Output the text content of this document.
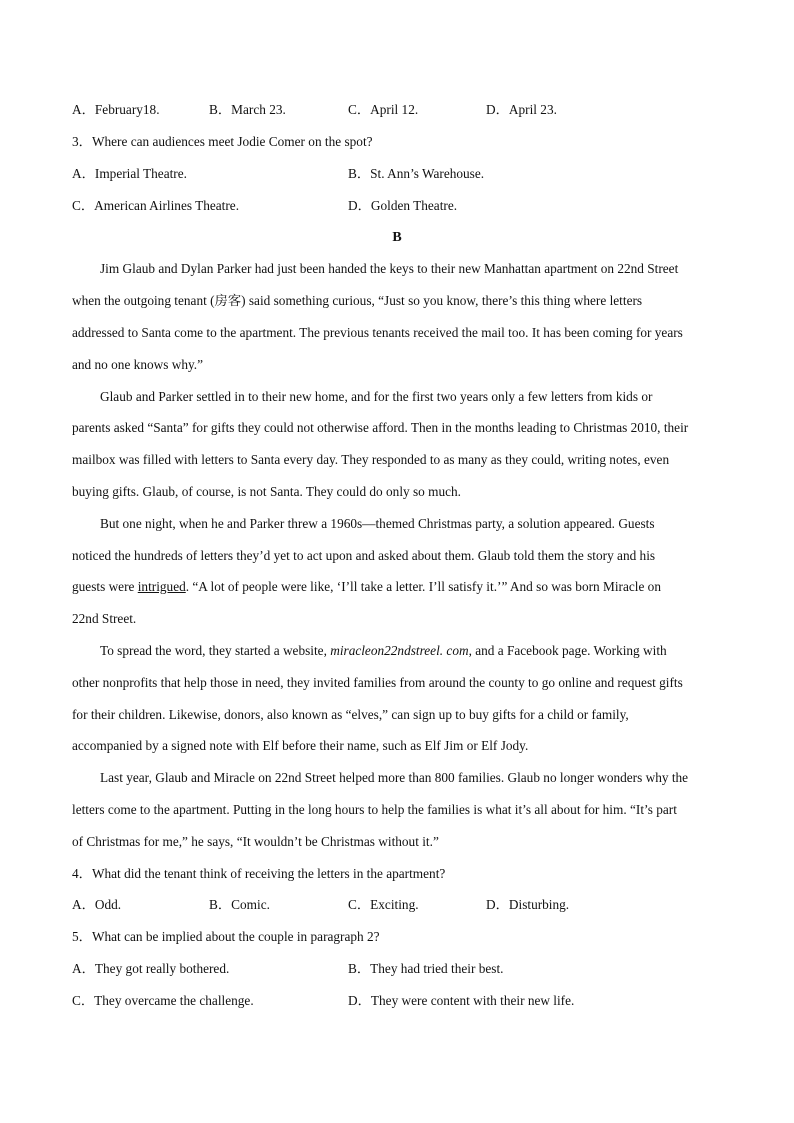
A．February18.	B．March 23.	C．April 12.	D．April 23.
3．Where can audiences meet Jodie Comer on the spot?
A．Imperial Theatre.	B．St. Ann’s Warehouse.
C．American Airlines Theatre.	D．Golden Theatre.
B
Jim Glaub and Dylan Parker had just been handed the keys to their new Manhattan apartment on 22nd Street
when the outgoing tenant (房客) said something curious, “Just so you know, there’s this thing where letters
addressed to Santa come to the apartment. The previous tenants received the mail too. It has been coming for years
and no one knows why.”
Glaub and Parker settled in to their new home, and for the first two years only a few letters from kids or
parents asked “Santa” for gifts they could not otherwise afford. Then in the months leading to Christmas 2010, their
mailbox was filled with letters to Santa every day. They responded to as many as they could, writing notes, even
buying gifts. Glaub, of course, is not Santa. They could do only so much.
But one night, when he and Parker threw a 1960s—themed Christmas party, a solution appeared. Guests
noticed the hundreds of letters they’d yet to act upon and asked about them. Glaub told them the story and his
guests were intrigued. “A lot of people were like, ‘I’ll take a letter. I’ll satisfy it.’” And so was born Miracle on
22nd Street.
To spread the word, they started a website, miracleon22ndstreel. com, and a Facebook page. Working with
other nonprofits that help those in need, they invited families from around the county to go online and request gifts
for their children. Likewise, donors, also known as “elves,” can sign up to buy gifts for a child or family,
accompanied by a signed note with Elf before their name, such as Elf Jim or Elf Jody.
Last year, Glaub and Miracle on 22nd Street helped more than 800 families. Glaub no longer wonders why the
letters come to the apartment. Putting in the long hours to help the families is what it’s all about for him. “It’s part
of Christmas for me,” he says, “It wouldn’t be Christmas without it.”
4．What did the tenant think of receiving the letters in the apartment?
A．Odd.	B．Comic.	C．Exciting.	D．Disturbing.
5．What can be implied about the couple in paragraph 2?
A．They got really bothered.	B．They had tried their best.
C．They overcame the challenge.	D．They were content with their new life.
